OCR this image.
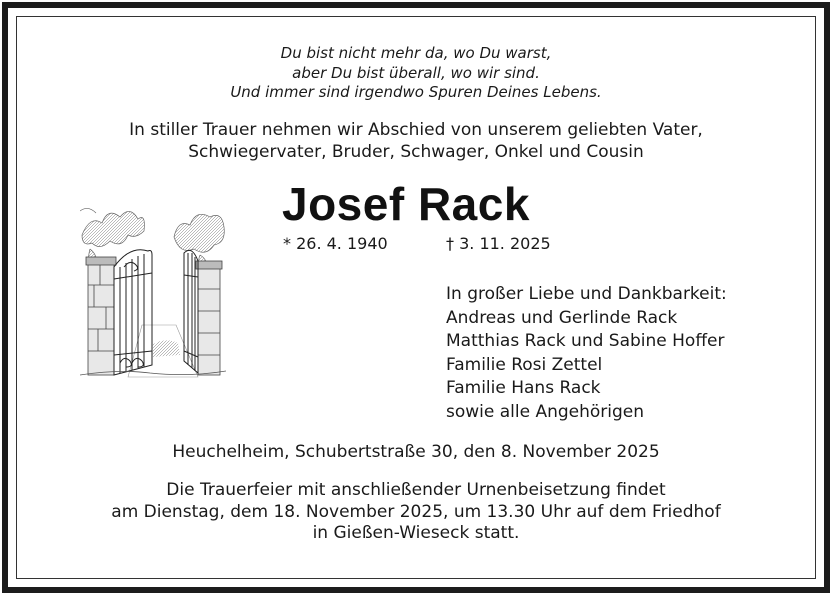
Du bist nicht mehr da, wo Du warst,
aber Du bist überall, wo wir sind.
Und immer sind irgendwo Spuren Deines Lebens.
In stiller Trauer nehmen wir Abschied von unserem geliebten Vater,
Schwiegervater, Bruder, Schwager, Onkel und Cousin
Josef Rack
* 26. 4. 1940	† 3. 11. 2025
In großer Liebe und Dankbarkeit:
Andreas und Gerlinde Rack
Matthias Rack und Sabine Hoffer
Familie Rosi Zettel
Familie Hans Rack
sowie alle Angehörigen
Heuchelheim, Schubertstraße 30, den 8. November 2025
Die Trauerfeier mit anschließender Urnenbeisetzung findet
am Dienstag, dem 18. November 2025, um 13.30 Uhr auf dem Friedhof
in Gießen-Wieseck statt.
